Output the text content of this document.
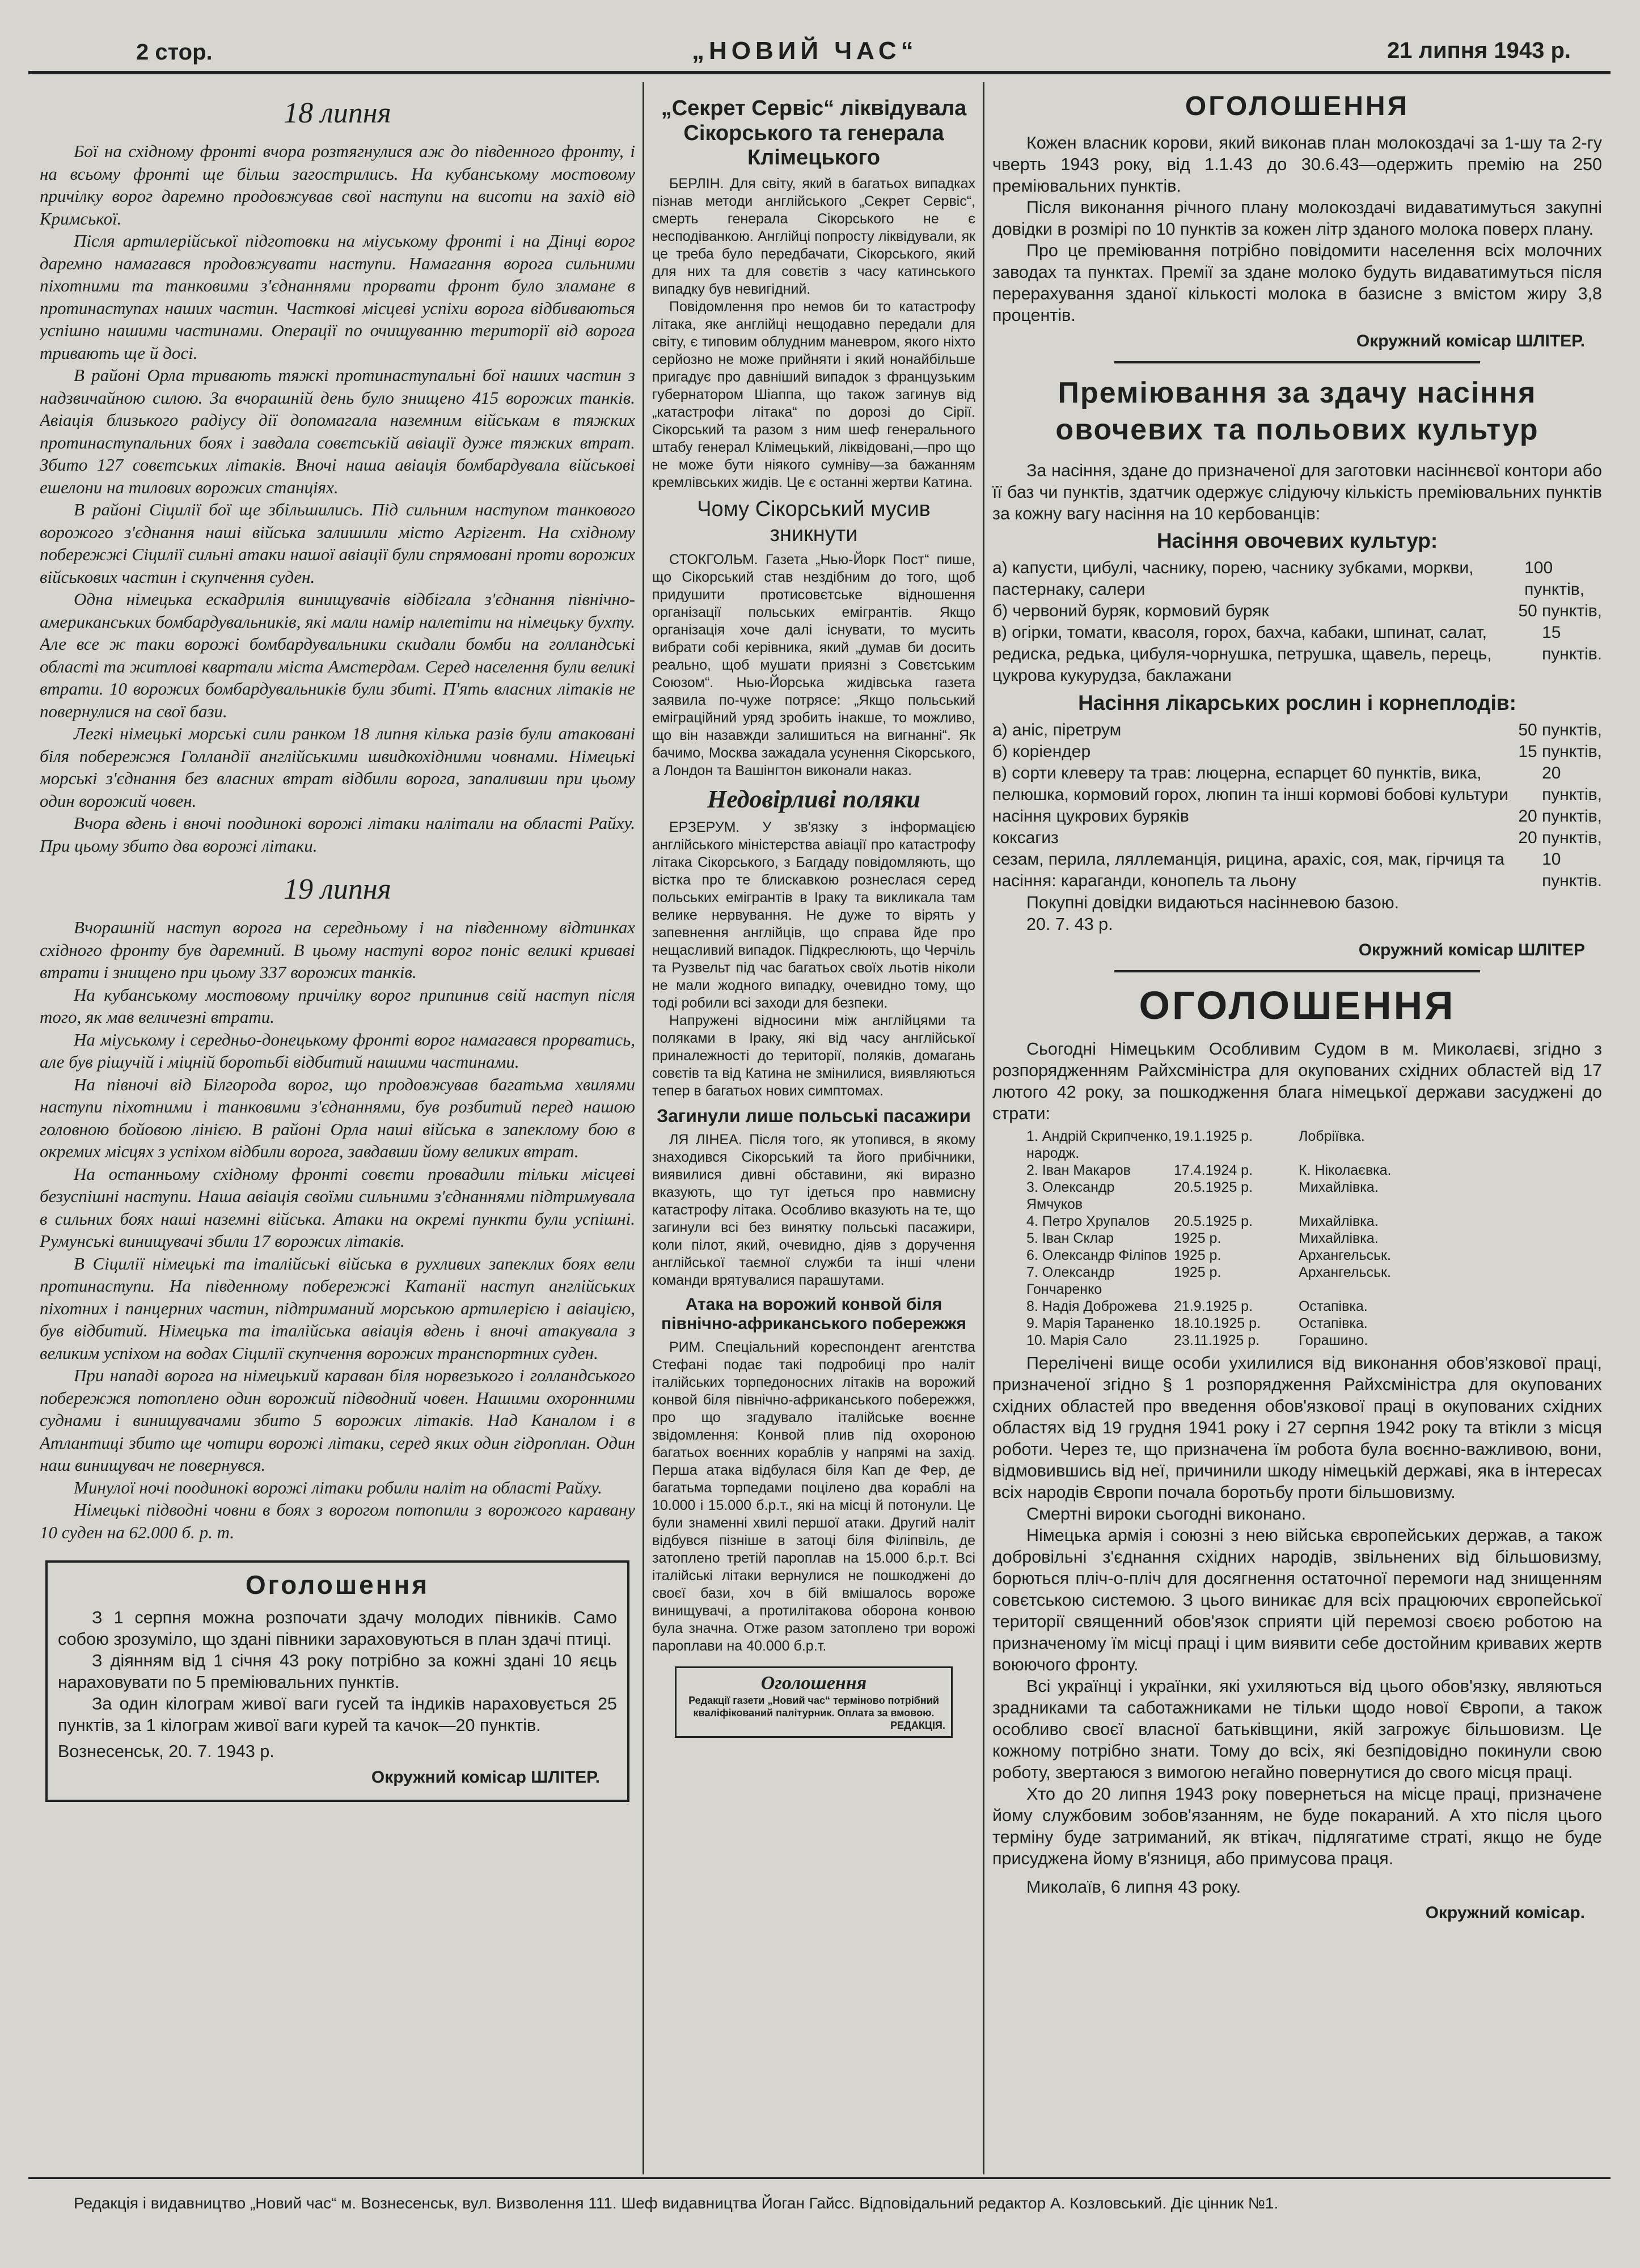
2 стор.	„НОВИЙ ЧАС“	21 липня 1943 р.
18 липня

Бої на східному фронті вчора розтягнулися аж до південного фронту, і на всьому фронті ще більш загострились. На кубанському мостовому причілку ворог даремно продовжував свої наступи на висоти на захід від Кримської.

Після артилерійської підготовки на міуському фронті і на Дінці ворог даремно намагався продовжувати наступи. Намагання ворога сильними піхотними та танковими з'єднаннями прорвати фронт було зламане в протинаступах наших частин. Часткові місцеві успіхи ворога відбиваються успішно нашими частинами. Операції по очищуванню території від ворога тривають ще й досі.

В районі Орла тривають тяжкі протинаступальні бої наших частин з надзвичайною силою. За вчорашній день було знищено 415 ворожих танків. Авіація близького радіусу дії допомагала наземним військам в тяжких протинаступальних боях і завдала совєтській авіації дуже тяжких втрат. Збито 127 совєтських літаків. Вночі наша авіація бомбардувала військові ешелони на тилових ворожих станціях.

В районі Сіцилії бої ще збільшились. Під сильним наступом танкового ворожого з'єднання наші війська залишили місто Агрігент. На східному побережжі Сіцилії сильні атаки нашої авіації були спрямовані проти ворожих військових частин і скупчення суден.

Одна німецька ескадрилія винищувачів відбігала з'єднання північно-американських бомбардувальників, які мали намір налетіти на німецьку бухту. Але все ж таки ворожі бомбардувальники скидали бомби на голландські області та житлові квартали міста Амстердам. Серед населення були великі втрати. 10 ворожих бомбардувальників були збиті. П'ять власних літаків не повернулися на свої бази.

Легкі німецькі морські сили ранком 18 липня кілька разів були атаковані біля побережжя Голландії англійськими швидкохідними човнами. Німецькі морські з'єднання без власних втрат відбили ворога, запаливши при цьому один ворожий човен.

Вчора вдень і вночі поодинокі ворожі літаки налітали на області Райху. При цьому збито два ворожі літаки.

19 липня

Вчорашній наступ ворога на середньому і на південному відтинках східного фронту був даремний. В цьому наступі ворог поніс великі криваві втрати і знищено при цьому 337 ворожих танків.

На кубанському мостовому причілку ворог припинив свій наступ після того, як мав величезні втрати.

На міуському і середньо-донецькому фронті ворог намагався прорватись, але був рішучій і міцній боротьбі відбитий нашими частинами.

На півночі від Білгорода ворог, що продовжував багатьма хвилями наступи піхотними і танковими з'єднаннями, був розбитий перед нашою головною бойовою лінією. В районі Орла наші війська в запеклому бою в окремих місцях з успіхом відбили ворога, завдавши йому великих втрат.

На останньому східному фронті совєти провадили тільки місцеві безуспішні наступи. Наша авіація своїми сильними з'єднаннями підтримувала в сильних боях наші наземні війська. Атаки на окремі пункти були успішні. Румунські винищувачі збили 17 ворожих літаків.

В Сіцилії німецькі та італійські війська в рухливих запеклих боях вели протинаступи. На південному побережжі Катанії наступ англійських піхотних і панцерних частин, підтриманий морською артилерією і авіацією, був відбитий. Німецька та італійська авіація вдень і вночі атакувала з великим успіхом на водах Сіцилії скупчення ворожих транспортних суден.

При нападі ворога на німецький караван біля норвезького і голландського побережжя потоплено один ворожий підводний човен. Нашими охоронними суднами і винищувачами збито 5 ворожих літаків. Над Каналом і в Атлантиці збито ще чотири ворожі літаки, серед яких один гідроплан. Один наш винищувач не повернувся.

Минулої ночі поодинокі ворожі літаки робили наліт на області Райху.

Німецькі підводні човни в боях з ворогом потопили з ворожого каравану 10 суден на 62.000 б. р. т.

Оголошення

З 1 серпня можна розпочати здачу молодих півників. Само собою зрозуміло, що здані півники зараховуються в план здачі птиці.

З діянням від 1 січня 43 року потрібно за кожні здані 10 яєць нараховувати по 5 преміювальних пунктів.

За один кілограм живої ваги гусей та індиків нараховується 25 пунктів, за 1 кілограм живої ваги курей та качок—20 пунктів.

Вознесенськ, 20. 7. 1943 р.

Окружний комісар ШЛІТЕР.
„Секрет Сервіс“ ліквідувала Сікорського та генерала Клімецького

БЕРЛІН. Для світу, який в багатьох випадках пізнав методи англійського „Секрет Сервіс“, смерть генерала Сікорського не є несподіванкою. Англійці попросту ліквідували, як це треба було передбачати, Сікорського, який для них та для совєтів з часу катинського випадку був невигідний.

Повідомлення про немов би то катастрофу літака, яке англійці нещодавно передали для світу, є типовим облудним маневром, якого ніхто серйозно не може прийняти і який нонайбільше пригадує про давніший випадок з французьким губернатором Шіаппа, що також загинув від „катастрофи літака“ по дорозі до Сірії. Сікорський та разом з ним шеф генерального штабу генерал Клімецький, ліквідовані,—про що не може бути ніякого сумніву—за бажанням кремлівських жидів. Це є останні жертви Катина.

Чому Сікорський мусив зникнути

СТОКГОЛЬМ. Газета „Нью-Йорк Пост“ пише, що Сікорський став нездібним до того, щоб придушити протисовєтське відношення організації польських емігрантів. Якщо організація хоче далі існувати, то мусить вибрати собі керівника, який „думав би досить реально, щоб мушати приязні з Совєтським Союзом“. Нью-Йорська жидівська газета заявила по-чуже потрясе: „Якщо польський еміграційний уряд зробить інакше, то можливо, що він назавжди залишиться на вигнанні“. Як бачимо, Москва зажадала усунення Сікорського, а Лондон та Вашінгтон виконали наказ.

Недовірливі поляки

ЕРЗЕРУМ. У зв'язку з інформацією англійського міністерства авіації про катастрофу літака Сікорського, з Багдаду повідомляють, що вістка про те блискавкою рознеслася серед польських емігрантів в Іраку та викликала там велике нервування. Не дуже то вірять у запевнення англійців, що справа йде про нещасливий випадок. Підкреслюють, що Черчіль та Рузвельт під час багатьох своїх льотів ніколи не мали жодного випадку, очевидно тому, що тоді робили всі заходи для безпеки.

Напружені відносини між англійцями та поляками в Іраку, які від часу англійської приналежності до території, поляків, домагань совєтів та від Катина не змінилися, виявляються тепер в багатьох нових симптомах.

Загинули лише польські пасажири

ЛЯ ЛІНЕА. Після того, як утопився, в якому знаходився Сікорський та його прибічники, виявилися дивні обставини, які виразно вказують, що тут ідеться про навмисну катастрофу літака. Особливо вказують на те, що загинули всі без винятку польські пасажири, коли пілот, який, очевидно, діяв з доручення англійської таємної служби та інші члени команди врятувалися парашутами.

Атака на ворожий конвой біля північно-африканського побережжя

РИМ. Спеціальний кореспондент агентства Стефані подає такі подробиці про наліт італійських торпедоносних літаків на ворожий конвой біля північно-африканського побережжя, про що згадувало італійське воєнне звідомлення: Конвой плив під охороною багатьох воєнних кораблів у напрямі на захід. Перша атака відбулася біля Кап де Фер, де багатьма торпедами поцілено два кораблі на 10.000 і 15.000 б.р.т., які на місці й потонули. Це були знаменні хвилі першої атаки. Другий наліт відбувся пізніше в затоці біля Філіпвіль, де затоплено третій пароплав на 15.000 б.р.т. Всі італійські літаки вернулися не пошкоджені до своєї бази, хоч в бій вмішалось вороже винищувачі, а протилітакова оборона конвою була значна. Отже разом затоплено три ворожі пароплави на 40.000 б.р.т.

Оголошення
Редакції газети „Новий час“ терміново потрібний кваліфікований палітурник. Оплата за вмовою.
РЕДАКЦІЯ.
ОГОЛОШЕННЯ

Кожен власник корови, який виконав план молокоздачі за 1-шу та 2-гу чверть 1943 року, від 1.1.43 до 30.6.43—одержить премію на 250 преміювальних пунктів.

Після виконання річного плану молокоздачі видаватимуться закупні довідки в розмірі по 10 пунктів за кожен літр зданого молока поверх плану.

Про це преміювання потрібно повідомити населення всіх молочних заводах та пунктах. Премії за здане молоко будуть видаватимуться після перерахування зданої кількості молока в базисне з вмістом жиру 3,8 процентів.

Окружний комісар ШЛІТЕР.
Преміювання за здачу насіння овочевих та польових культур

За насіння, здане до призначеної для заготовки насіннєвої контори або її баз чи пунктів, здатчик одержує слідуючу кількість преміювальних пунктів за кожну вагу насіння на 10 кербованців:

Насіння овочевих культур:
а) капусти, цибулі, часнику, порею, часнику зубками, моркви, пастернаку, салери
100 пунктів,
б) червоний буряк, кормовий буряк	50 пунктів,
в) огірки, томати, квасоля, горох, бахча, кабаки, шпинат, салат, редиска, редька, цибуля-чорнушка, петрушка, щавель, перець, цукрова кукурудза, баклажани
15 пунктів.
Насіння лікарських рослин і корнеплодів:
а) аніс, піретрум	50 пунктів,
б) коріендер	15 пунктів,
в) сорти клеверу та трав: люцерна, еспарцет 60 пунктів, вика, пелюшка, кормовий горох, люпин та інші кормові бобові культури
20 пунктів,
насіння цукрових буряків	20 пунктів,
коксагиз	20 пунктів,
сезам, перила, ляллеманція, рицина, арахіс, соя, мак, гірчиця та насіння: караганди, конопель та льону
10 пунктів.

Покупні довідки видаються насінневою базою.

20. 7. 43 р.

Окружний комісар ШЛІТЕР
ОГОЛОШЕННЯ

Сьогодні Німецьким Особливим Судом в м. Миколаєві, згідно з розпорядженням Райхсміністра для окупованих східних областей від 17 лютого 42 року, за пошкодження блага німецької держави засуджені до страти:

1. Андрій Скрипченко, народж.
19.1.1925 р.	Лобріївка.
2. Іван Макаров	17.4.1924 р.	К. Ніколаєвка.
3. Олександр Ямчуков
20.5.1925 р.	Михайлівка.
4. Петро Хрупалов	20.5.1925 р.	Михайлівка.
5. Іван Склар	1925 р.	Михайлівка.
6. Олександр Філіпов 1925 р.	Архангельськ.
7. Олександр Гончаренко
1925 р.	Архангельськ.
8. Надія Доброжева	21.9.1925 р.	Остапівка.
9. Марія Тараненко	18.10.1925 р.	Остапівка.
10. Марія Сало	23.11.1925 р.	Горашино.

Перелічені вище особи ухилилися від виконання обов'язкової праці, призначеної згідно § 1 розпорядження Райхсміністра для окупованих східних областей про введення обов'язкової праці в окупованих східних областях від 19 грудня 1941 року і 27 серпня 1942 року та втікли з місця роботи. Через те, що призначена їм робота була воєнно-важливою, вони, відмовившись від неї, причинили шкоду німецькій державі, яка в інтересах всіх народів Європи почала боротьбу проти більшовизму.

Смертні вироки сьогодні виконано.

Німецька армія і союзні з нею війська європейських держав, а також добровільні з'єднання східних народів, звільнених від більшовизму, борються пліч-о-пліч для досягнення остаточної перемоги над знищенням совєтською системою. З цього виникає для всіх працюючих європейської території священний обов'язок сприяти цій перемозі своєю роботою на призначеному їм місці праці і цим виявити себе достойним кривавих жертв воюючого фронту.

Всі українці і українки, які ухиляються від цього обов'язку, являються зрадниками та саботажниками не тільки щодо нової Європи, а також особливо своєї власної батьківщини, якій загрожує більшовизм. Це кожному потрібно знати. Тому до всіх, які безпідовідно покинули свою роботу, звертаюся з вимогою негайно повернутися до свого місця праці.

Хто до 20 липня 1943 року повернеться на місце праці, призначене йому службовим зобов'язанням, не буде покараний. А хто після цього терміну буде затриманий, як втікач, підлягатиме страті, якщо не буде присуджена йому в'язниця, або примусова праця.

Миколаїв, 6 липня 43 року.

Окружний комісар.
Редакція і видавництво „Новий час“ м. Вознесенськ, вул. Визволення 111. Шеф видавництва Йоган Гайсс. Відповідальний редактор А. Козловський. Діє цінник №1.
